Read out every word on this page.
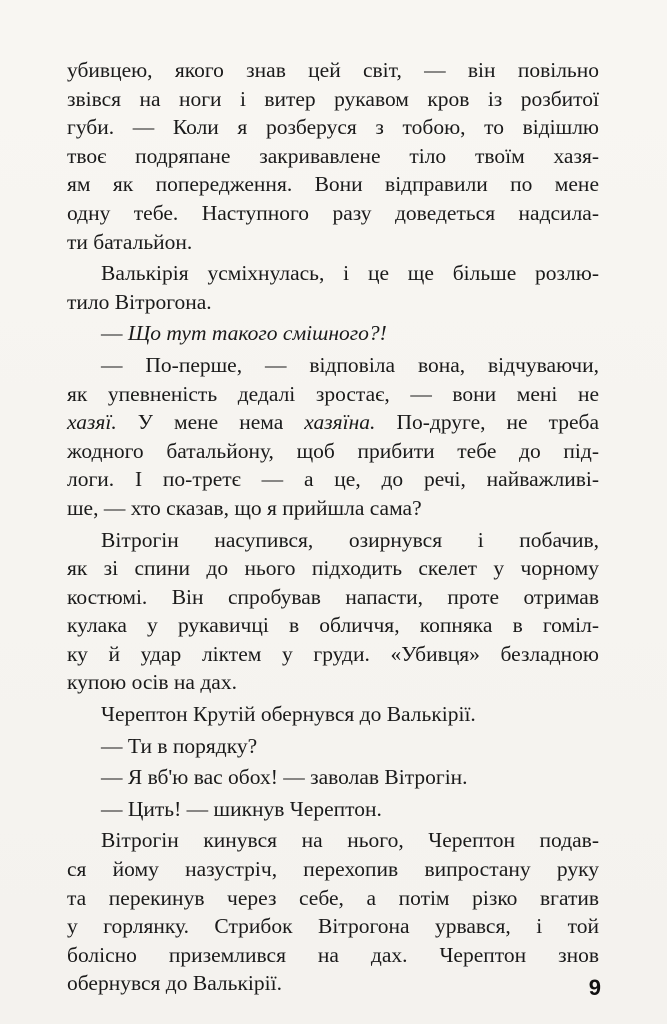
убивцею, якого знав цей світ, — він повільно
звівся на ноги і витер рукавом кров із розбитої
губи. — Коли я розберуся з тобою, то відішлю
твоє подряпане закривавлене тіло твоїм хазя-
ям як попередження. Вони відправили по мене
одну тебе. Наступного разу доведеться надсила-
ти батальйон.
Валькірія усміхнулась, і це ще більше розлю-
тило Вітрогона.
— Що тут такого смішного?!
— По-перше, — відповіла вона, відчуваючи,
як упевненість дедалі зростає, — вони мені не
хазяї. У мене нема хазяїна. По-друге, не треба
жодного батальйону, щоб прибити тебе до під-
логи. І по-третє — а це, до речі, найважливі-
ше, — хто сказав, що я прийшла сама?
Вітрогін насупився, озирнувся і побачив,
як зі спини до нього підходить скелет у чорному
костюмі. Він спробував напасти, проте отримав
кулака у рукавичці в обличчя, копняка в гоміл-
ку й удар ліктем у груди. «Убивця» безладною
купою осів на дах.
Черептон Крутій обернувся до Валькірії.
— Ти в порядку?
— Я вб'ю вас обох! — заволав Вітрогін.
— Цить! — шикнув Черептон.
Вітрогін кинувся на нього, Черептон подав-
ся йому назустріч, перехопив випростану руку
та перекинув через себе, а потім різко вгатив
у горлянку. Стрибок Вітрогона урвався, і той
болісно приземлився на дах. Черептон знов
обернувся до Валькірії.	9
